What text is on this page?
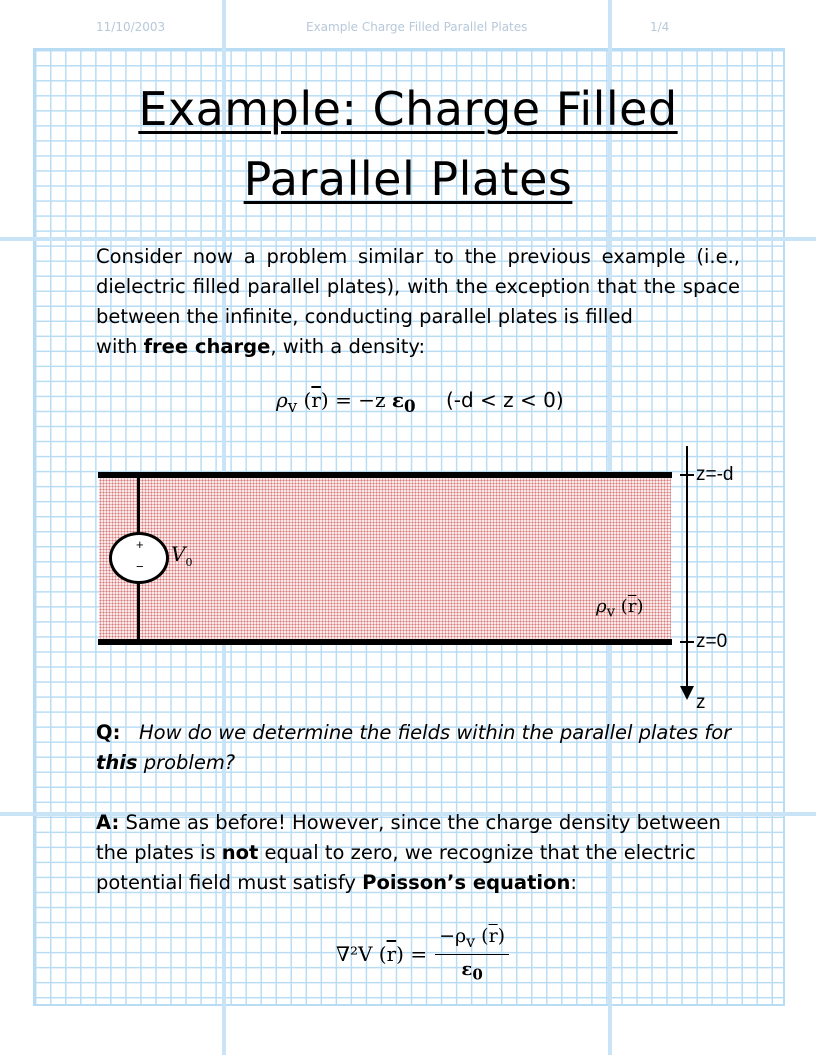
11/10/2003	Example Charge Filled Parallel Plates	1/4
Example: Charge Filled
Parallel Plates
Consider now a problem similar to the previous example (i.e., dielectric filled parallel plates), with the exception that the space between the infinite, conducting parallel plates is filled
with free charge, with a density:
$\rho_v$ $(\overline{r}) = -z$ $\varepsilon_0$ (-d < z < 0)
+
−
$V_0$
$\rho_v$ $(\overline{r})$
z=-d
z=0
z
Q: How do we determine the fields within the parallel plates for this problem?
A: Same as before! However, since the charge density between the plates is not equal to zero, we recognize that the electric potential field must satisfy Poisson’s equation:
∇²V $(\overline{r}) = \frac{-\rho_v (\overline{r})}{\varepsilon_0}$
